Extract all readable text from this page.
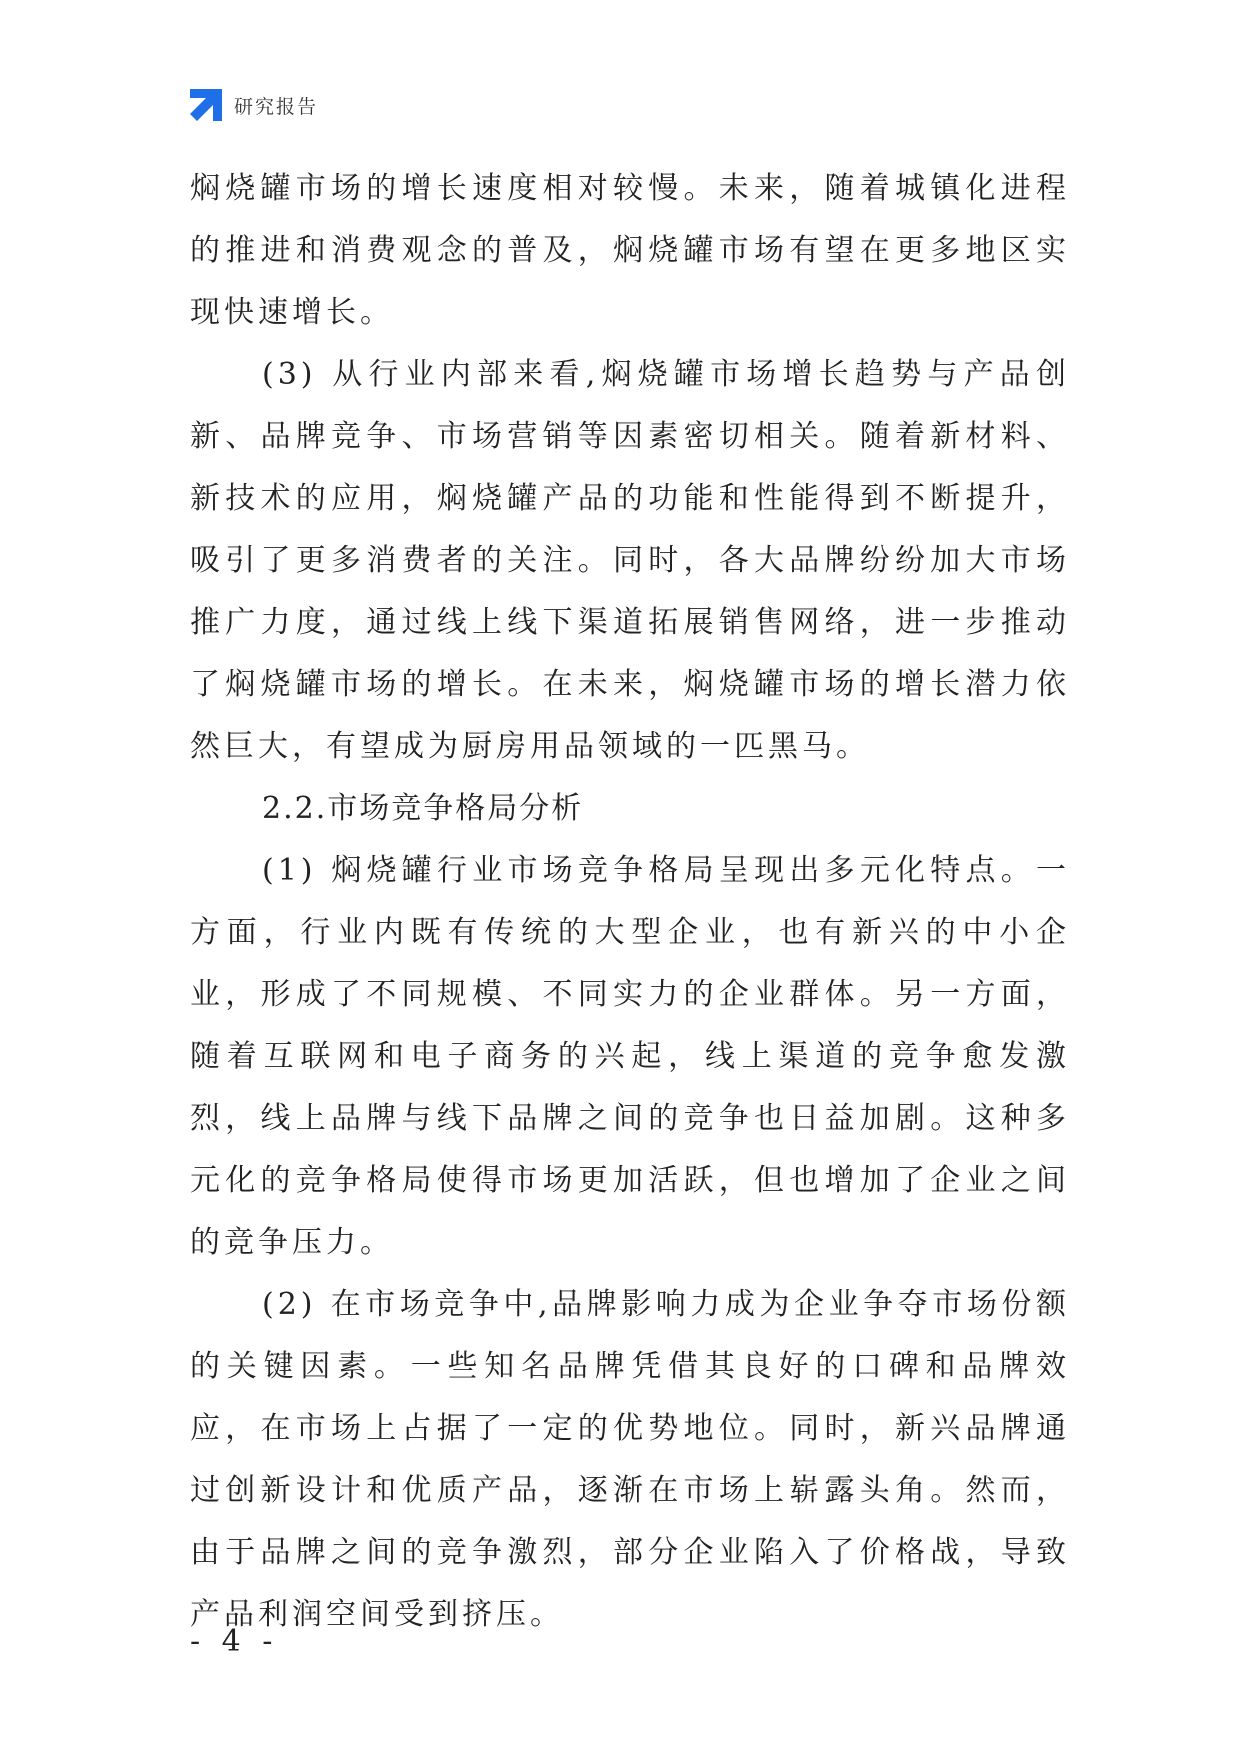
研究报告

焖烧罐市场的增长速度相对较慢。未来，随着城镇化进程的推进和消费观念的普及，焖烧罐市场有望在更多地区实现快速增长。

(3) 从行业内部来看,焖烧罐市场增长趋势与产品创新、品牌竞争、市场营销等因素密切相关。随着新材料、新技术的应用，焖烧罐产品的功能和性能得到不断提升，吸引了更多消费者的关注。同时，各大品牌纷纷加大市场推广力度，通过线上线下渠道拓展销售网络，进一步推动了焖烧罐市场的增长。在未来，焖烧罐市场的增长潜力依然巨大，有望成为厨房用品领域的一匹黑马。

2.2.市场竞争格局分析

(1) 焖烧罐行业市场竞争格局呈现出多元化特点。一方面，行业内既有传统的大型企业，也有新兴的中小企业，形成了不同规模、不同实力的企业群体。另一方面，随着互联网和电子商务的兴起，线上渠道的竞争愈发激烈，线上品牌与线下品牌之间的竞争也日益加剧。这种多元化的竞争格局使得市场更加活跃，但也增加了企业之间的竞争压力。

(2) 在市场竞争中,品牌影响力成为企业争夺市场份额的关键因素。一些知名品牌凭借其良好的口碑和品牌效应，在市场上占据了一定的优势地位。同时，新兴品牌通过创新设计和优质产品，逐渐在市场上崭露头角。然而，由于品牌之间的竞争激烈，部分企业陷入了价格战，导致产品利润空间受到挤压。

- 4 -
